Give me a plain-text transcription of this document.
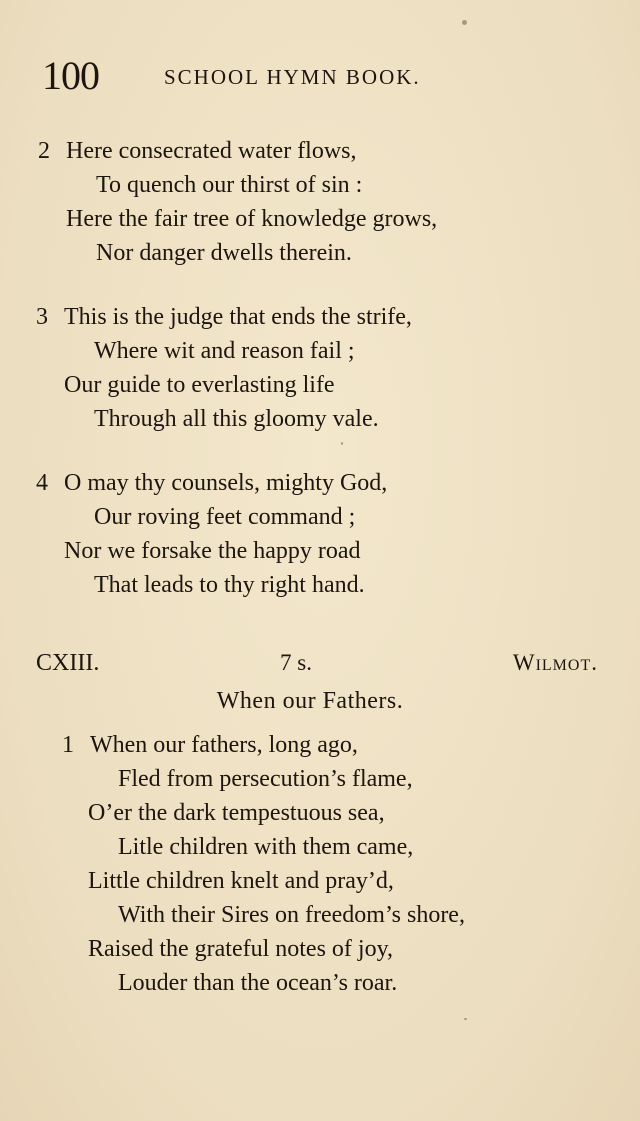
100	SCHOOL HYMN BOOK.
2 Here consecrated water flows,
To quench our thirst of sin :
Here the fair tree of knowledge grows,
Nor danger dwells therein.
3 This is the judge that ends the strife,
Where wit and reason fail ;
Our guide to everlasting life
Through all this gloomy vale.
4 O may thy counsels, mighty God,
Our roving feet command ;
Nor we forsake the happy road
That leads to thy right hand.
CXIII.	7 s.	Wilmot.
When our Fathers.
1 When our fathers, long ago,
Fled from persecution’s flame,
O’er the dark tempestuous sea,
Litle children with them came,
Little children knelt and pray’d,
With their Sires on freedom’s shore,
Raised the grateful notes of joy,
Louder than the ocean’s roar.
